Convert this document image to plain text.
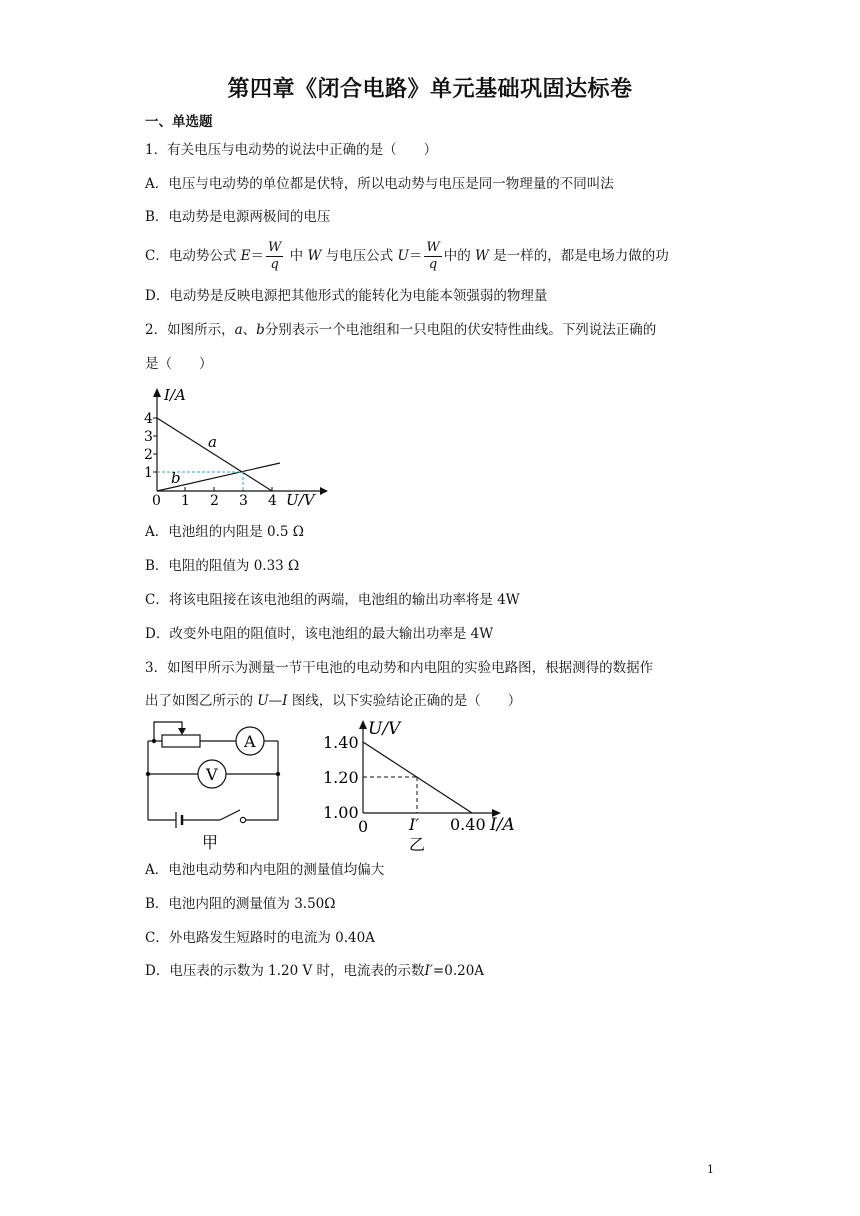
第四章《闭合电路》单元基础巩固达标卷
一、单选题
1．有关电压与电动势的说法中正确的是（　　）
A．电压与电动势的单位都是伏特，所以电动势与电压是同一物理量的不同叫法
B．电动势是电源两极间的电压
C．电动势公式 $E= \frac{W}{q}$ 中 W 与电压公式 $U= \frac{W}{q}$ 中的 W 是一样的，都是电场力做的功
D．电动势是反映电源把其他形式的能转化为电能本领强弱的物理量
2．如图所示，a、b分别表示一个电池组和一只电阻的伏安特性曲线。下列说法正确的
是（　　）
I/A
4
3
2
1
0 1 2 3 4 U/V
a
b
A．电池组的内阻是 0.5 Ω
B．电阻的阻值为 0.33 Ω
C．将该电阻接在该电池组的两端，电池组的输出功率将是 4W
D．改变外电阻的阻值时，该电池组的最大输出功率是 4W
3．如图甲所示为测量一节干电池的电动势和内电阻的实验电路图，根据测得的数据作
出了如图乙所示的 U—I 图线，以下实验结论正确的是（　　）
A
V
甲
U/V
1.40
1.20
1.00
0	I′ 0.40 I/A
乙
A．电池电动势和内电阻的测量值均偏大
B．电池内阻的测量值为 3.50Ω
C．外电路发生短路时的电流为 0.40A
D．电压表的示数为 1.20 V 时，电流表的示数I′=0.20A
1
